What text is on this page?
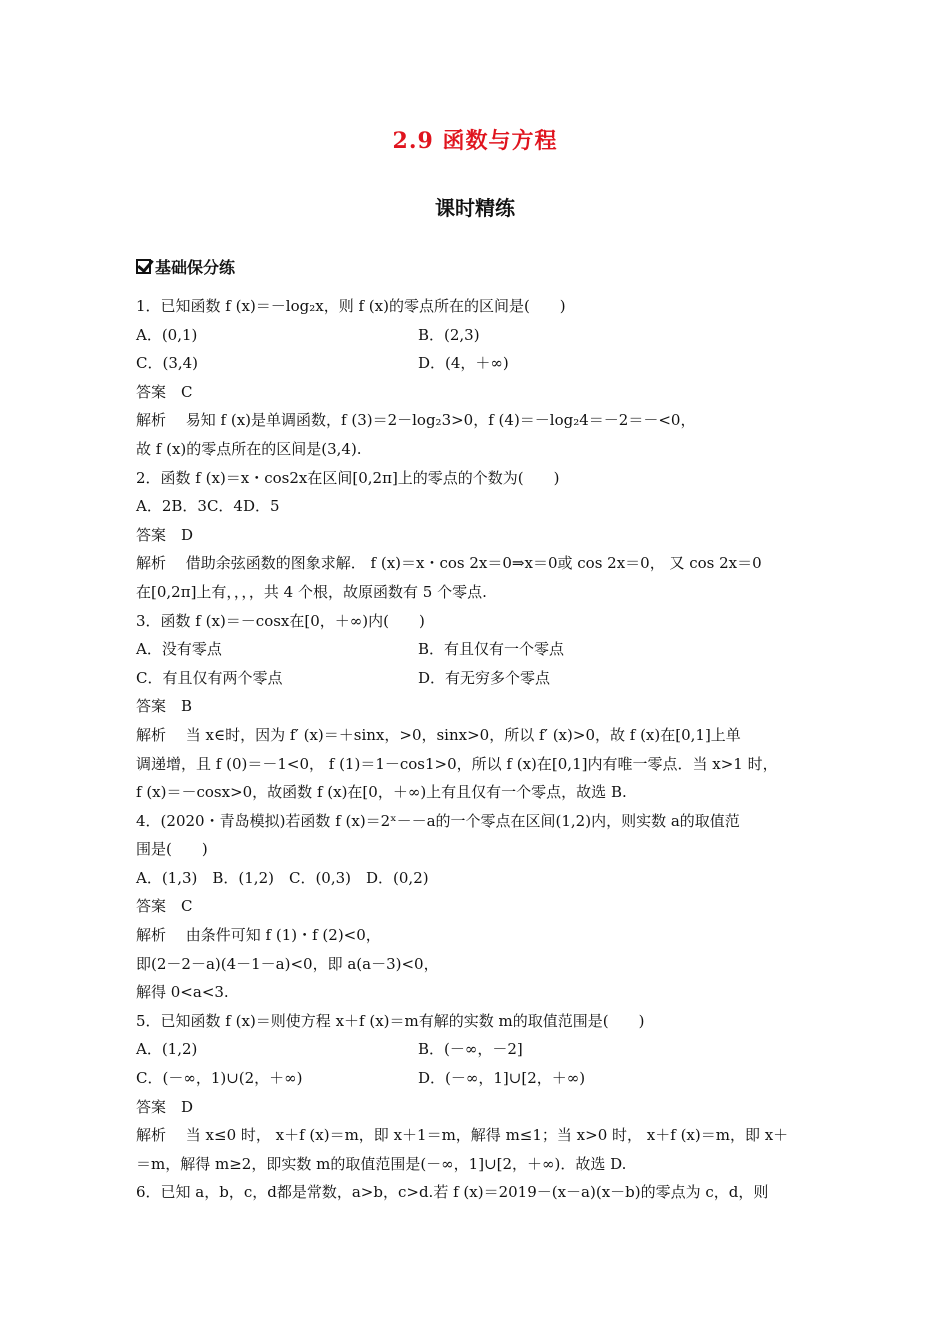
2.9 函数与方程
课时精练
基础保分练
1．已知函数 f (x)＝－log₂x，则 f (x)的零点所在的区间是(　　)
A．(0,1)	B．(2,3)
C．(3,4)	D．(4，＋∞)
答案　C
解析　 易知 f (x)是单调函数，f (3)＝2－log₂3>0，f (4)＝－log₂4＝－2＝－<0，
故 f (x)的零点所在的区间是(3,4).
2．函数 f (x)＝x・cos2x在区间[0,2π]上的零点的个数为(　　)
A．2B．3C．4D．5
答案　D
解析　 借助余弦函数的图象求解． f (x)＝x・cos 2x＝0⇒x＝0或 cos 2x＝0， 又 cos 2x＝0
在[0,2π]上有，，，，共 4 个根，故原函数有 5 个零点.
3．函数 f (x)＝－cosx在[0，＋∞)内(　　)
A．没有零点	B．有且仅有一个零点
C．有且仅有两个零点	D．有无穷多个零点
答案　B
解析　 当 x∈时，因为 f′ (x)＝＋sinx，>0，sinx>0，所以 f′ (x)>0，故 f (x)在[0,1]上单
调递增，且 f (0)＝－1<0， f (1)＝1－cos1>0，所以 f (x)在[0,1]内有唯一零点．当 x>1 时，
f (x)＝－cosx>0，故函数 f (x)在[0，＋∞)上有且仅有一个零点，故选 B.
4．(2020・青岛模拟)若函数 f (x)＝2ˣ－－a的一个零点在区间(1,2)内，则实数 a的取值范
围是(　　)
A．(1,3)　B．(1,2)　C．(0,3)　D．(0,2)
答案　C
解析　 由条件可知 f (1)・f (2)<0，
即(2－2－a)(4－1－a)<0，即 a(a－3)<0，
解得 0<a<3.
5．已知函数 f (x)＝则使方程 x＋f (x)＝m有解的实数 m的取值范围是(　　)
A．(1,2)	B．(－∞，－2]
C．(－∞，1)∪(2，＋∞)	D．(－∞，1]∪[2，＋∞)
答案　D
解析　 当 x≤0 时， x＋f (x)＝m，即 x＋1＝m，解得 m≤1；当 x>0 时， x＋f (x)＝m，即 x＋
＝m，解得 m≥2，即实数 m的取值范围是(－∞，1]∪[2，＋∞)．故选 D.
6．已知 a，b，c，d都是常数，a>b，c>d.若 f (x)＝2019－(x－a)(x－b)的零点为 c，d，则
